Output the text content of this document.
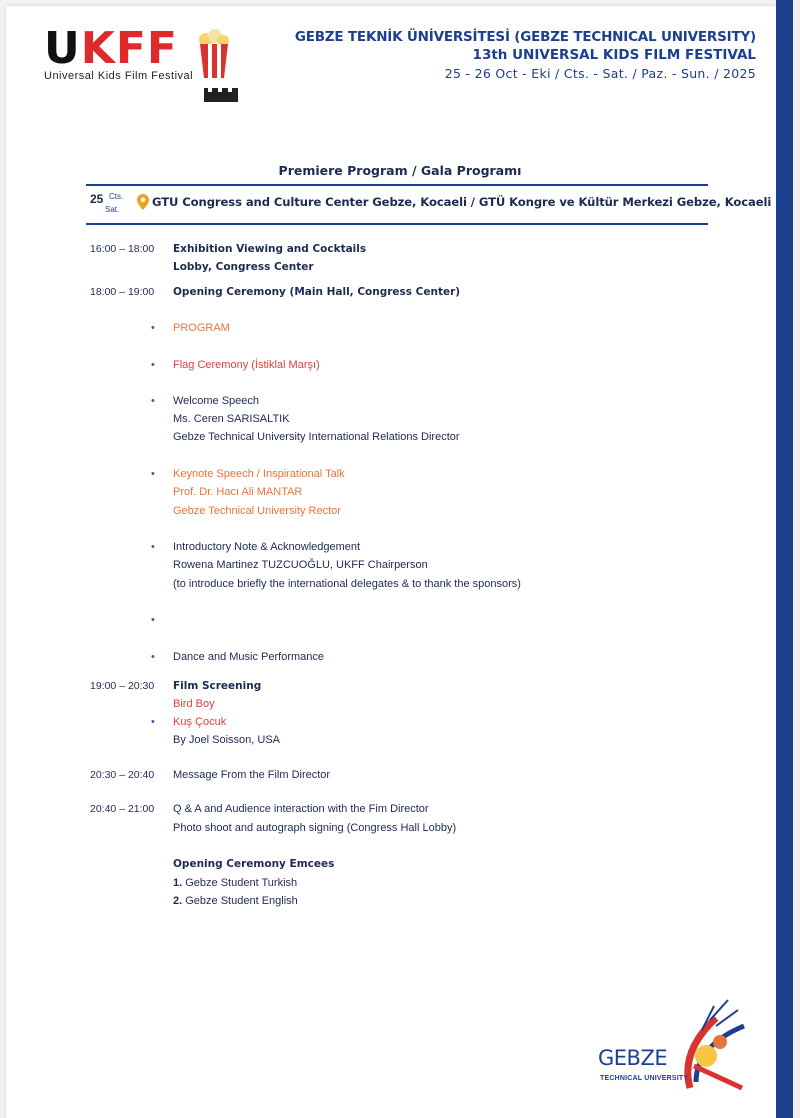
UKFF
Universal Kids Film Festival
GEBZE TEKNİK ÜNİVERSİTESİ (GEBZE TECHNICAL UNIVERSITY)
13th UNIVERSAL KIDS FILM FESTIVAL
25 - 26 Oct - Eki / Cts. - Sat. / Paz. - Sun. / 2025
Premiere Program / Gala Programı
25 Cts.
Sat.
GTU Congress and Culture Center Gebze, Kocaeli / GTÜ Kongre ve Kültür Merkezi Gebze, Kocaeli
16:00 – 18:00	Exhibition Viewing and Cocktails
Lobby, Congress Center
18:00 – 19:00	Opening Ceremony (Main Hall, Congress Center)
• PROGRAM
• Flag Ceremony (İstiklal Marşı)
• Welcome Speech
Ms. Ceren SARISALTIK
Gebze Technical University International Relations Director
• Keynote Speech / Inspirational Talk
Prof. Dr. Hacı Ali MANTAR
Gebze Technical University Rector
• Introductory Note & Acknowledgement
Rowena Martinez TUZCUOĞLU, UKFF Chairperson
(to introduce briefly the international delegates & to thank the sponsors)
•
• Dance and Music Performance
19:00 – 20:30	Film Screening
Bird Boy
• Kuş Çocuk
By Joel Soisson, USA
20:30 – 20:40	Message From the Film Director
20:40 – 21:00	Q & A and Audience interaction with the Fim Director
Photo shoot and autograph signing (Congress Hall Lobby)
Opening Ceremony Emcees
1. Gebze Student Turkish
2. Gebze Student English
GEBZE
TECHNICAL UNIVERSITY
